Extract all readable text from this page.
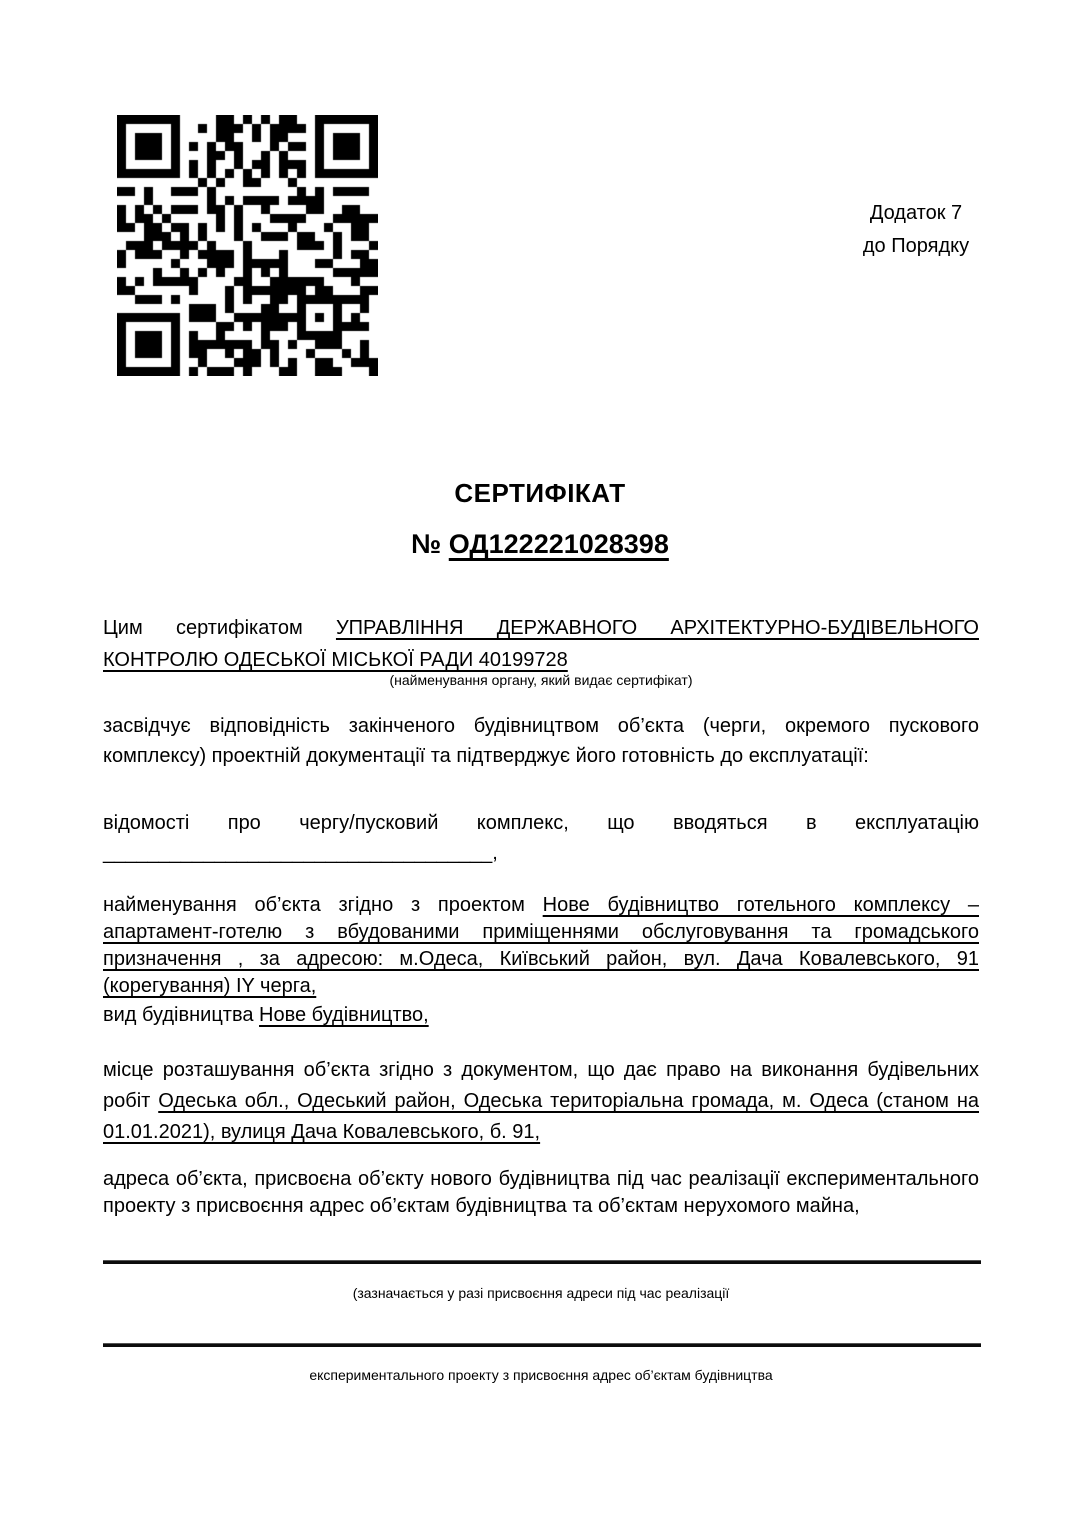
Додаток 7
до Порядку
СЕРТИФІКАТ
№ ОД122221028398
Цим сертифікатом УПРАВЛІННЯ ДЕРЖАВНОГО АРХІТЕКТУРНО-БУДІВЕЛЬНОГО КОНТРОЛЮ ОДЕСЬКОЇ МІСЬКОЇ РАДИ 40199728
(найменування органу, який видає сертифікат)
засвідчує відповідність закінченого будівництвом об’єкта (черги, окремого пускового комплексу) проектній документації та підтверджує його готовність до експлуатації:
відомості про чергу/пусковий комплекс, що вводяться в експлуатацію ___________________________________,
найменування об’єкта згідно з проектом Нове будівництво готельного комплексу – апартамент-готелю з вбудованими приміщеннями обслуговування та громадського призначення , за адресою: м.Одеса, Київський район, вул. Дача Ковалевського, 91 (корегування) ІY черга,
вид будівництва Нове будівництво,
місце розташування об’єкта згідно з документом, що дає право на виконання будівельних робіт Одеська обл., Одеський район, Одеська територіальна громада, м. Одеса (станом на 01.01.2021), вулиця Дача Ковалевського, б. 91,
адреса об’єкта, присвоєна об’єкту нового будівництва під час реалізації експериментального проекту з присвоєння адрес об’єктам будівництва та об’єктам нерухомого майна,
(зазначається у разі присвоєння адреси під час реалізації
експериментального проекту з присвоєння адрес об’єктам будівництва
